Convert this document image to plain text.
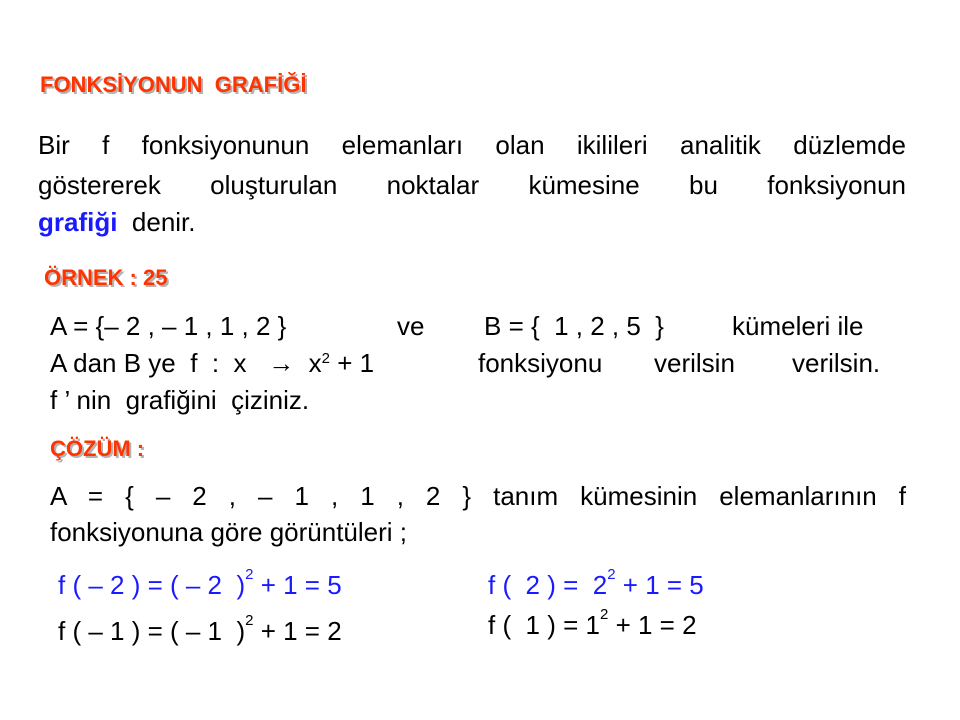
FONKSİYONUN  GRAFİĞİ
Bir f fonksiyonunun elemanları olan ikilileri analitik düzlemde
göstererek oluşturulan noktalar kümesine bu fonksiyonun
grafiği  denir.
ÖRNEK : 25
A = {– 2 , – 1 , 1 , 2 }	ve B = {  1 , 2 , 5  }	kümeleri ile
A dan B ye  f  :  $x \to x^2 + 1$	fonksiyonu verilsin verilsin.
f ’ nin  grafiğini  çiziniz.
ÇÖZÜM :
A = { – 2 , – 1 , 1 , 2 } tanım kümesinin elemanlarının f
fonksiyonuna göre görüntüleri ;
f ( – 2 ) = ( – 2  )$^2$ + 1 = 5
f ( – 1 ) = ( – 1  )$^2$ + 1 = 2
f (  2 ) =  $2^2 + 1 = 5$
f (  1 ) = $1^2 + 1 = 2$
